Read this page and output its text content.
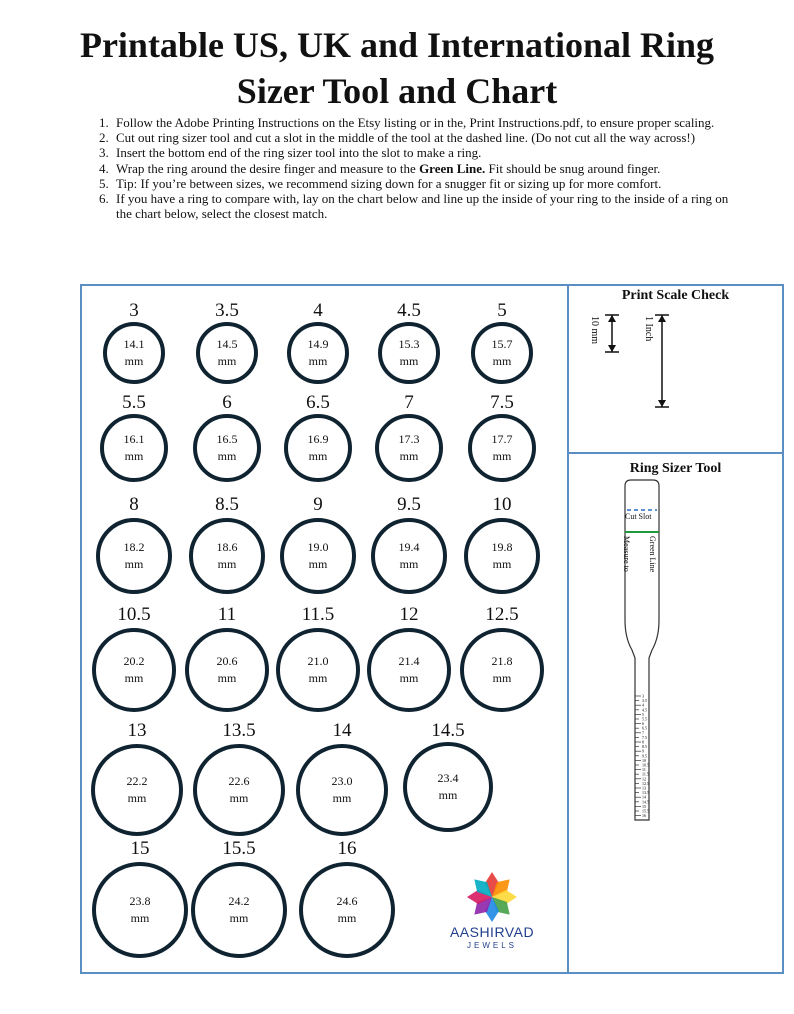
Printable US, UK and International Ring
Sizer Tool and Chart
1. Follow the Adobe Printing Instructions on the Etsy listing or in the, Print Instructions.pdf, to ensure proper scaling.
2. Cut out ring sizer tool and cut a slot in the middle of the tool at the dashed line. (Do not cut all the way across!)
3. Insert the bottom end of the ring sizer tool into the slot to make a ring.
4. Wrap the ring around the desire finger and measure to the Green Line. Fit should be snug around finger.
5. Tip: If you’re between sizes, we recommend sizing down for a snugger fit or sizing up for more comfort.
6. If you have a ring to compare with, lay on the chart below and line up the inside of your ring to the inside of a ring on the chart below, select the closest match.
3
14.1
mm
3.5
14.5
mm
4
14.9
mm
4.5
15.3
mm
5
15.7
mm
5.5
16.1
mm
6
16.5
mm
6.5
16.9
mm
7
17.3
mm
7.5
17.7
mm
8
18.2
mm
8.5
18.6
mm
9
19.0
mm
9.5
19.4
mm
10
19.8
mm
10.5
20.2
mm
11
20.6
mm
11.5
21.0
mm
12
21.4
mm
12.5
21.8
mm
13
22.2
mm
13.5
22.6
mm
14
23.0
mm
14.5
23.4
mm
15
23.8
mm
15.5
24.2
mm
16
24.6
mm
Print Scale Check
10 mm	1 Inch
Ring Sizer Tool
3
3.5
4
4.5
5
5.5
6
6.5
7
7.5
8
8.5
9
9.5
10
10.5
11
11.5
12
12.5
13
13.5
14
14.5
15
15.5
16
Cut Slot
Measure to Green Line
AASHIRVAD
JEWELS
